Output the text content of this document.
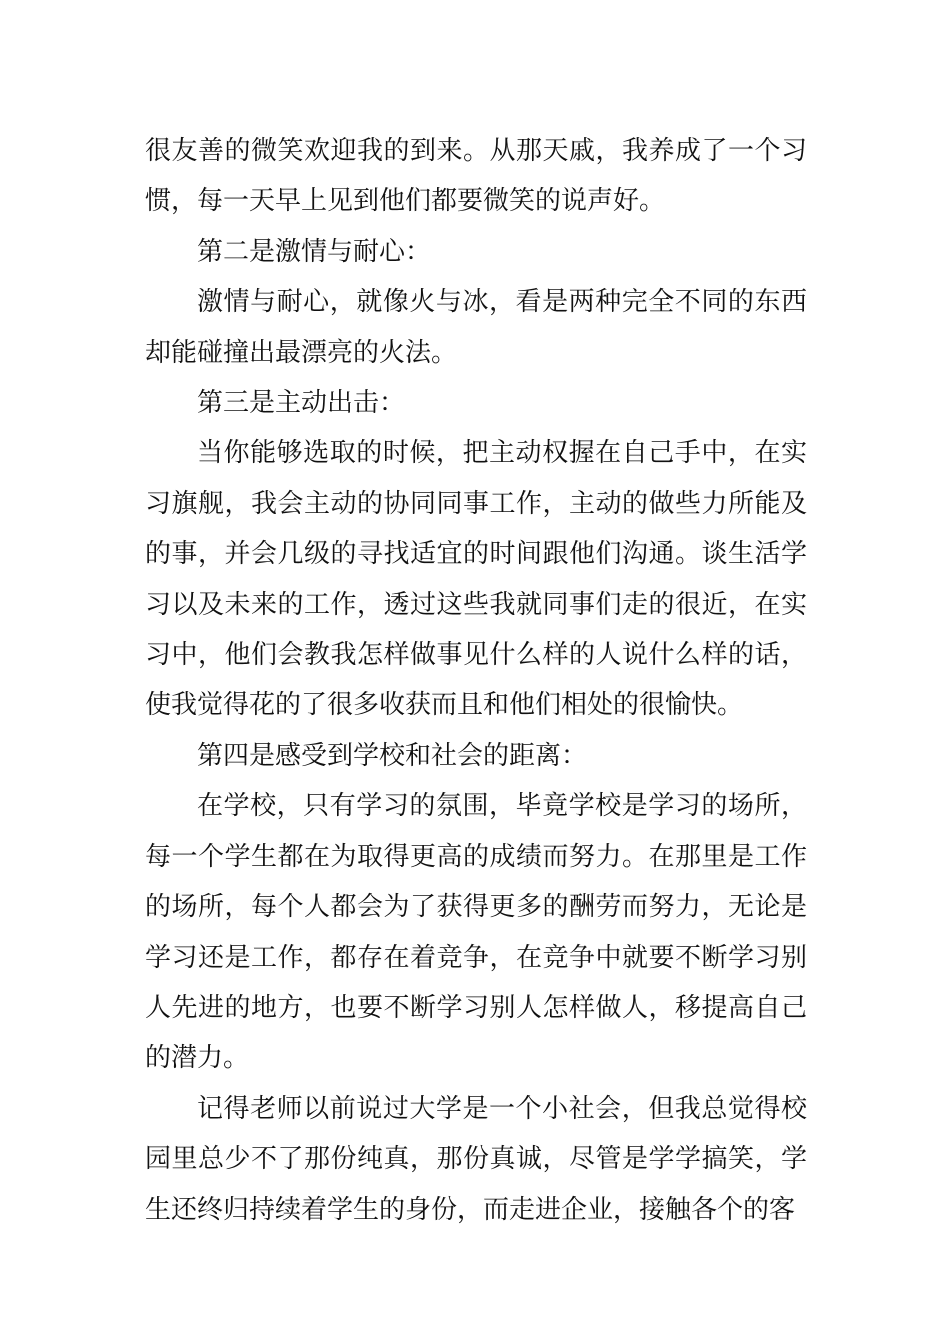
很友善的微笑欢迎我的到来。从那天戚，我养成了一个习惯，每一天早上见到他们都要微笑的说声好。

第二是激情与耐心：

激情与耐心，就像火与冰，看是两种完全不同的东西却能碰撞出最漂亮的火法。

第三是主动出击：

当你能够选取的时候，把主动权握在自己手中，在实习旗舰，我会主动的协同同事工作，主动的做些力所能及的事，并会几级的寻找适宜的时间跟他们沟通。谈生活学习以及未来的工作，透过这些我就同事们走的很近，在实习中，他们会教我怎样做事见什么样的人说什么样的话，使我觉得花的了很多收获而且和他们相处的很愉快。

第四是感受到学校和社会的距离：

在学校，只有学习的氛围，毕竟学校是学习的场所，每一个学生都在为取得更高的成绩而努力。在那里是工作的场所，每个人都会为了获得更多的酬劳而努力，无论是学习还是工作，都存在着竞争，在竞争中就要不断学习别人先进的地方，也要不断学习别人怎样做人，移提高自己的潜力。

记得老师以前说过大学是一个小社会，但我总觉得校园里总少不了那份纯真，那份真诚，尽管是学学搞笑，学生还终归持续着学生的身份，而走进企业，接触各个的客
